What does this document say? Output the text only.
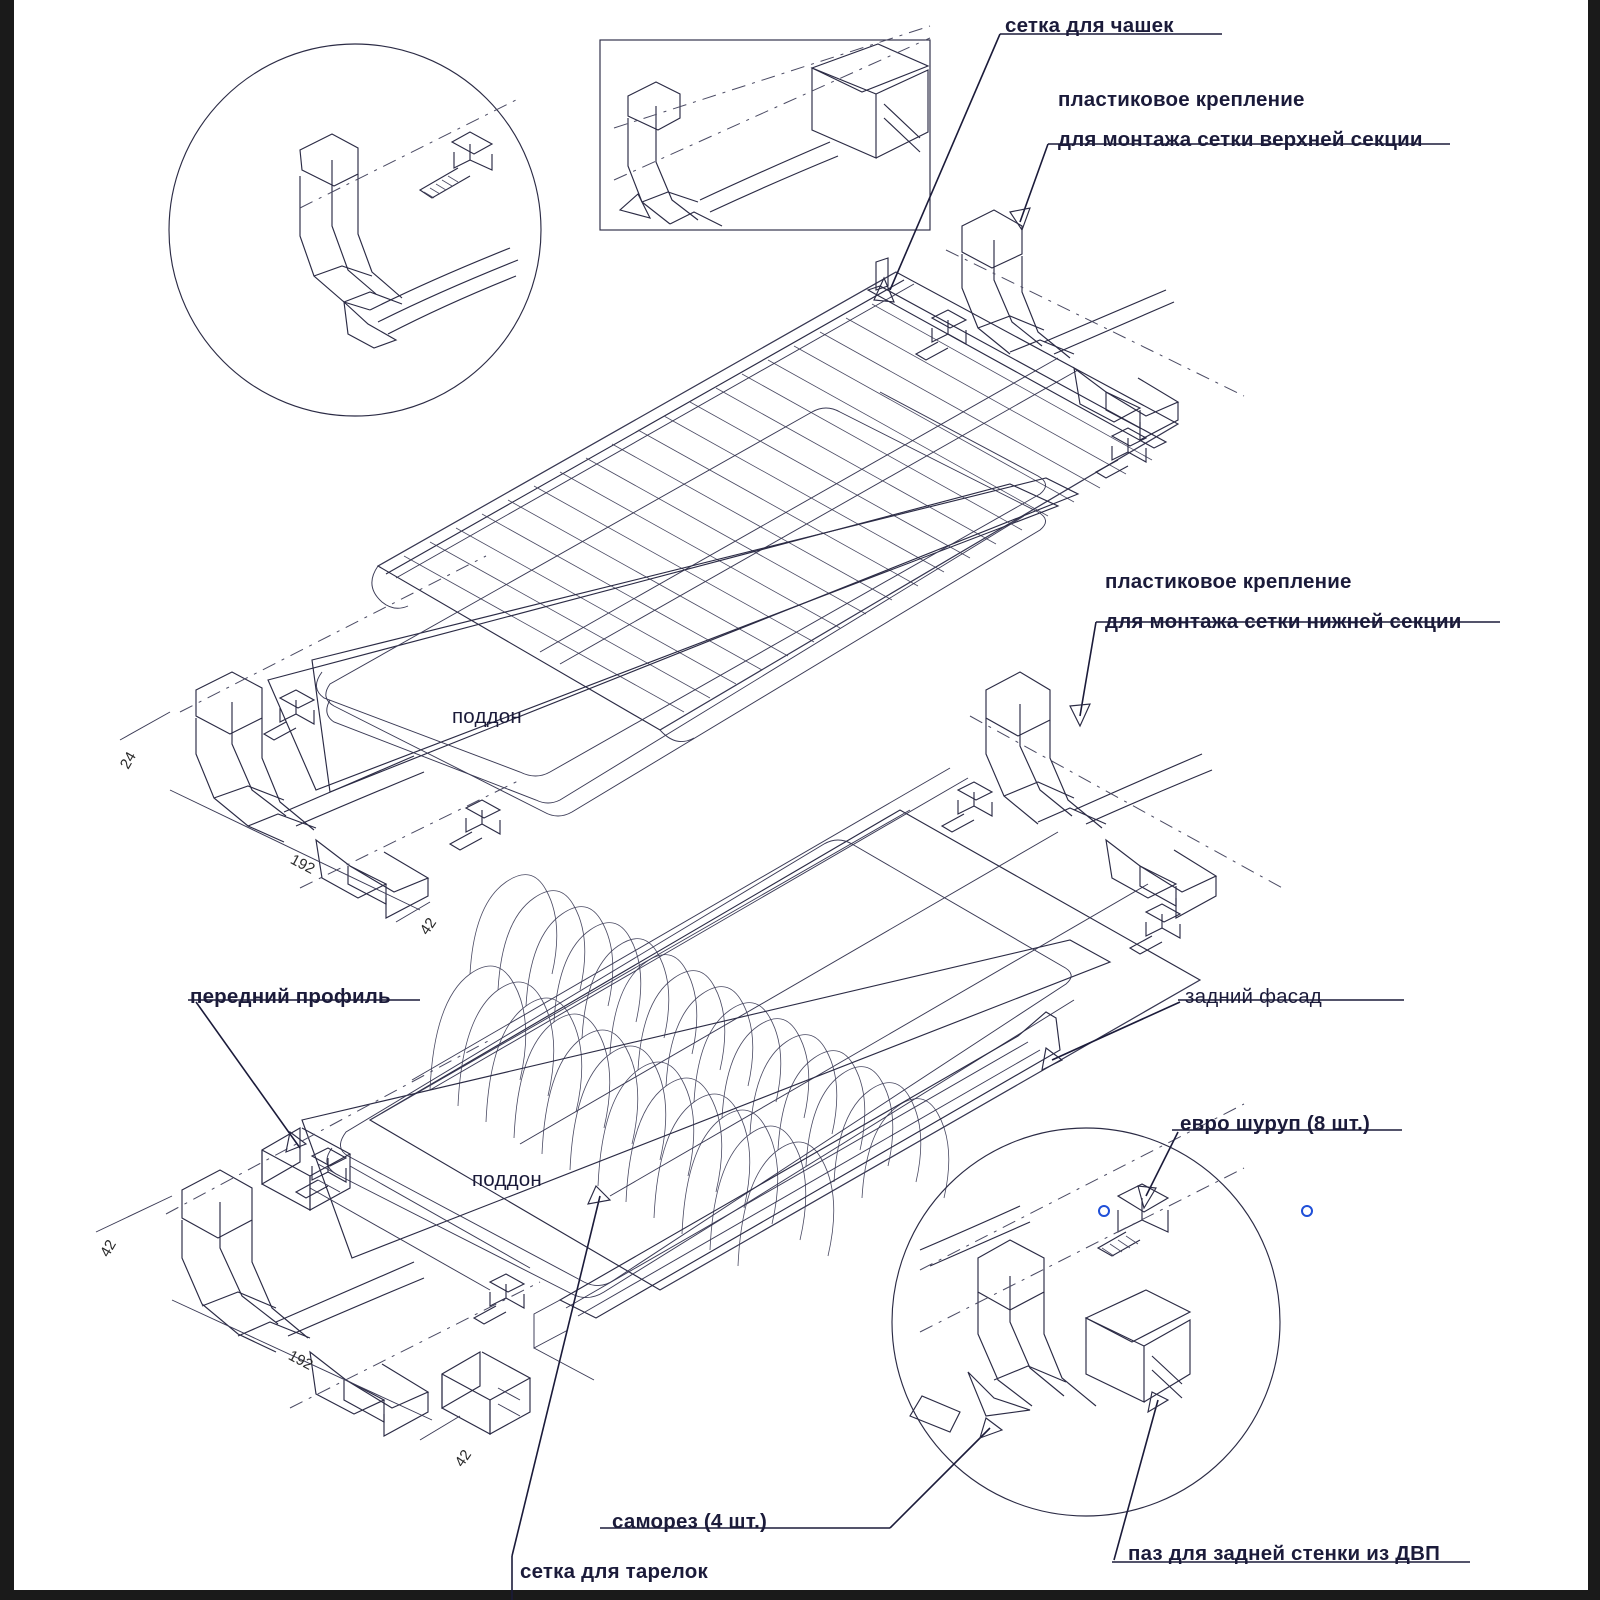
сетка для чашек
пластиковое крепление
для монтажа сетки верхней секции
пластиковое крепление
для монтажа сетки нижней секции
поддон
поддон
передний профиль	задний фасад
евро шуруп (8 шт.)
саморез (4 шт.)
сетка для тарелок
паз для задней стенки из ДВП
24
192
42
42
192
42
